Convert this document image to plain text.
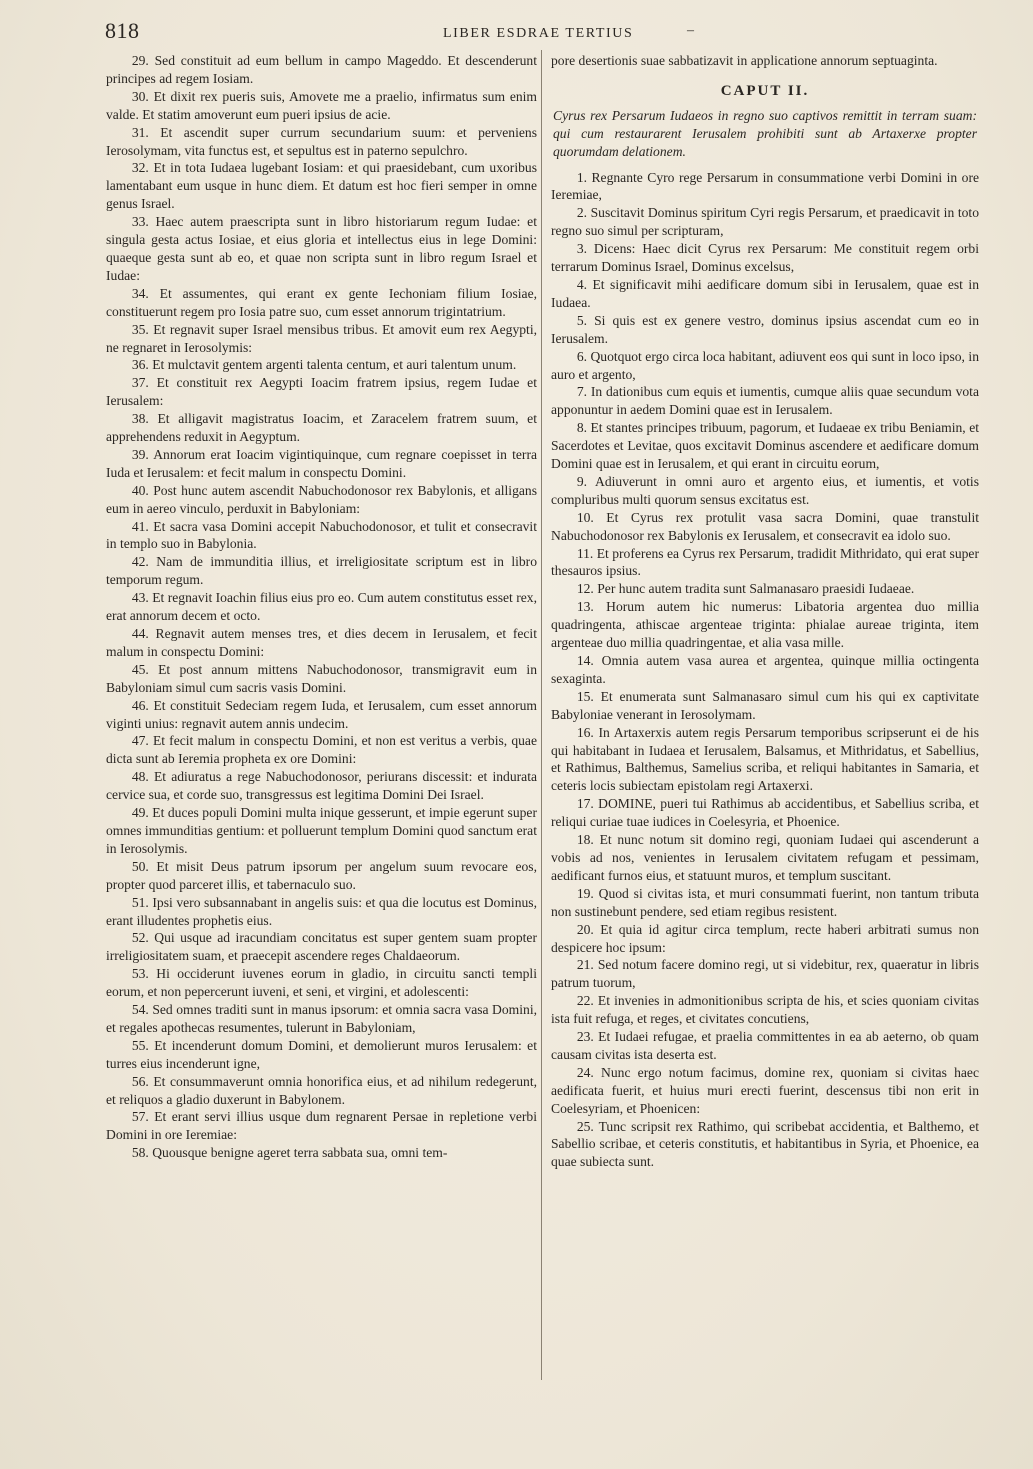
818	LIBER ESDRAE TERTIUS	–

29. Sed constituit ad eum bellum in campo Mageddo. Et descenderunt principes ad regem Iosiam.

30. Et dixit rex pueris suis, Amovete me a praelio, infirmatus sum enim valde. Et statim amoverunt eum pueri ipsius de acie.

31. Et ascendit super currum secundarium suum: et perveniens Ierosolymam, vita functus est, et sepultus est in paterno sepulchro.

32. Et in tota Iudaea lugebant Iosiam: et qui praesidebant, cum uxoribus lamentabant eum usque in hunc diem. Et datum est hoc fieri semper in omne genus Israel.

33. Haec autem praescripta sunt in libro historiarum regum Iudae: et singula gesta actus Iosiae, et eius gloria et intellectus eius in lege Domini: quaeque gesta sunt ab eo, et quae non scripta sunt in libro regum Israel et Iudae:

34. Et assumentes, qui erant ex gente Iechoniam filium Iosiae, constituerunt regem pro Iosia patre suo, cum esset annorum trigintatrium.

35. Et regnavit super Israel mensibus tribus. Et amovit eum rex Aegypti, ne regnaret in Ierosolymis:

36. Et mulctavit gentem argenti talenta centum, et auri talentum unum.

37. Et constituit rex Aegypti Ioacim fratrem ipsius, regem Iudae et Ierusalem:

38. Et alligavit magistratus Ioacim, et Zaracelem fratrem suum, et apprehendens reduxit in Aegyptum.

39. Annorum erat Ioacim vigintiquinque, cum regnare coepisset in terra Iuda et Ierusalem: et fecit malum in conspectu Domini.

40. Post hunc autem ascendit Nabuchodonosor rex Babylonis, et alligans eum in aereo vinculo, perduxit in Babyloniam:

41. Et sacra vasa Domini accepit Nabuchodonosor, et tulit et consecravit in templo suo in Babylonia.

42. Nam de immunditia illius, et irreligiositate scriptum est in libro temporum regum.

43. Et regnavit Ioachin filius eius pro eo. Cum autem constitutus esset rex, erat annorum decem et octo.

44. Regnavit autem menses tres, et dies decem in Ierusalem, et fecit malum in conspectu Domini:

45. Et post annum mittens Nabuchodonosor, transmigravit eum in Babyloniam simul cum sacris vasis Domini.

46. Et constituit Sedeciam regem Iuda, et Ierusalem, cum esset annorum viginti unius: regnavit autem annis undecim.

47. Et fecit malum in conspectu Domini, et non est veritus a verbis, quae dicta sunt ab Ieremia propheta ex ore Domini:

48. Et adiuratus a rege Nabuchodonosor, periurans discessit: et indurata cervice sua, et corde suo, transgressus est legitima Domini Dei Israel.

49. Et duces populi Domini multa inique gesserunt, et impie egerunt super omnes immunditias gentium: et polluerunt templum Domini quod sanctum erat in Ierosolymis.

50. Et misit Deus patrum ipsorum per angelum suum revocare eos, propter quod parceret illis, et tabernaculo suo.

51. Ipsi vero subsannabant in angelis suis: et qua die locutus est Dominus, erant illudentes prophetis eius.

52. Qui usque ad iracundiam concitatus est super gentem suam propter irreligiositatem suam, et praecepit ascendere reges Chaldaeorum.

53. Hi occiderunt iuvenes eorum in gladio, in circuitu sancti templi eorum, et non pepercerunt iuveni, et seni, et virgini, et adolescenti:

54. Sed omnes traditi sunt in manus ipsorum: et omnia sacra vasa Domini, et regales apothecas resumentes, tulerunt in Babyloniam,

55. Et incenderunt domum Domini, et demolierunt muros Ierusalem: et turres eius incenderunt igne,

56. Et consummaverunt omnia honorifica eius, et ad nihilum redegerunt, et reliquos a gladio duxerunt in Babylonem.

57. Et erant servi illius usque dum regnarent Persae in repletione verbi Domini in ore Ieremiae:

58. Quousque benigne ageret terra sabbata sua, omni tem-

pore desertionis suae sabbatizavit in applicatione annorum septuaginta.

CAPUT II.

Cyrus rex Persarum Iudaeos in regno suo captivos remittit in terram suam: qui cum restaurarent Ierusalem prohibiti sunt ab Artaxerxe propter quorumdam delationem.

1. Regnante Cyro rege Persarum in consummatione verbi Domini in ore Ieremiae,

2. Suscitavit Dominus spiritum Cyri regis Persarum, et praedicavit in toto regno suo simul per scripturam,

3. Dicens: Haec dicit Cyrus rex Persarum: Me constituit regem orbi terrarum Dominus Israel, Dominus excelsus,

4. Et significavit mihi aedificare domum sibi in Ierusalem, quae est in Iudaea.

5. Si quis est ex genere vestro, dominus ipsius ascendat cum eo in Ierusalem.

6. Quotquot ergo circa loca habitant, adiuvent eos qui sunt in loco ipso, in auro et argento,

7. In dationibus cum equis et iumentis, cumque aliis quae secundum vota apponuntur in aedem Domini quae est in Ierusalem.

8. Et stantes principes tribuum, pagorum, et Iudaeae ex tribu Beniamin, et Sacerdotes et Levitae, quos excitavit Dominus ascendere et aedificare domum Domini quae est in Ierusalem, et qui erant in circuitu eorum,

9. Adiuverunt in omni auro et argento eius, et iumentis, et votis compluribus multi quorum sensus excitatus est.

10. Et Cyrus rex protulit vasa sacra Domini, quae transtulit Nabuchodonosor rex Babylonis ex Ierusalem, et consecravit ea idolo suo.

11. Et proferens ea Cyrus rex Persarum, tradidit Mithridato, qui erat super thesauros ipsius.

12. Per hunc autem tradita sunt Salmanasaro praesidi Iudaeae.

13. Horum autem hic numerus: Libatoria argentea duo millia quadringenta, athiscae argenteae triginta: phialae aureae triginta, item argenteae duo millia quadringentae, et alia vasa mille.

14. Omnia autem vasa aurea et argentea, quinque millia octingenta sexaginta.

15. Et enumerata sunt Salmanasaro simul cum his qui ex captivitate Babyloniae venerant in Ierosolymam.

16. In Artaxerxis autem regis Persarum temporibus scripserunt ei de his qui habitabant in Iudaea et Ierusalem, Balsamus, et Mithridatus, et Sabellius, et Rathimus, Balthemus, Samelius scriba, et reliqui habitantes in Samaria, et ceteris locis subiectam epistolam regi Artaxerxi.

17. DOMINE, pueri tui Rathimus ab accidentibus, et Sabellius scriba, et reliqui curiae tuae iudices in Coelesyria, et Phoenice.

18. Et nunc notum sit domino regi, quoniam Iudaei qui ascenderunt a vobis ad nos, venientes in Ierusalem civitatem refugam et pessimam, aedificant furnos eius, et statuunt muros, et templum suscitant.

19. Quod si civitas ista, et muri consummati fuerint, non tantum tributa non sustinebunt pendere, sed etiam regibus resistent.

20. Et quia id agitur circa templum, recte haberi arbitrati sumus non despicere hoc ipsum:

21. Sed notum facere domino regi, ut si videbitur, rex, quaeratur in libris patrum tuorum,

22. Et invenies in admonitionibus scripta de his, et scies quoniam civitas ista fuit refuga, et reges, et civitates concutiens,

23. Et Iudaei refugae, et praelia committentes in ea ab aeterno, ob quam causam civitas ista deserta est.

24. Nunc ergo notum facimus, domine rex, quoniam si civitas haec aedificata fuerit, et huius muri erecti fuerint, descensus tibi non erit in Coelesyriam, et Phoenicen:

25. Tunc scripsit rex Rathimo, qui scribebat accidentia, et Balthemo, et Sabellio scribae, et ceteris constitutis, et habitantibus in Syria, et Phoenice, ea quae subiecta sunt.
